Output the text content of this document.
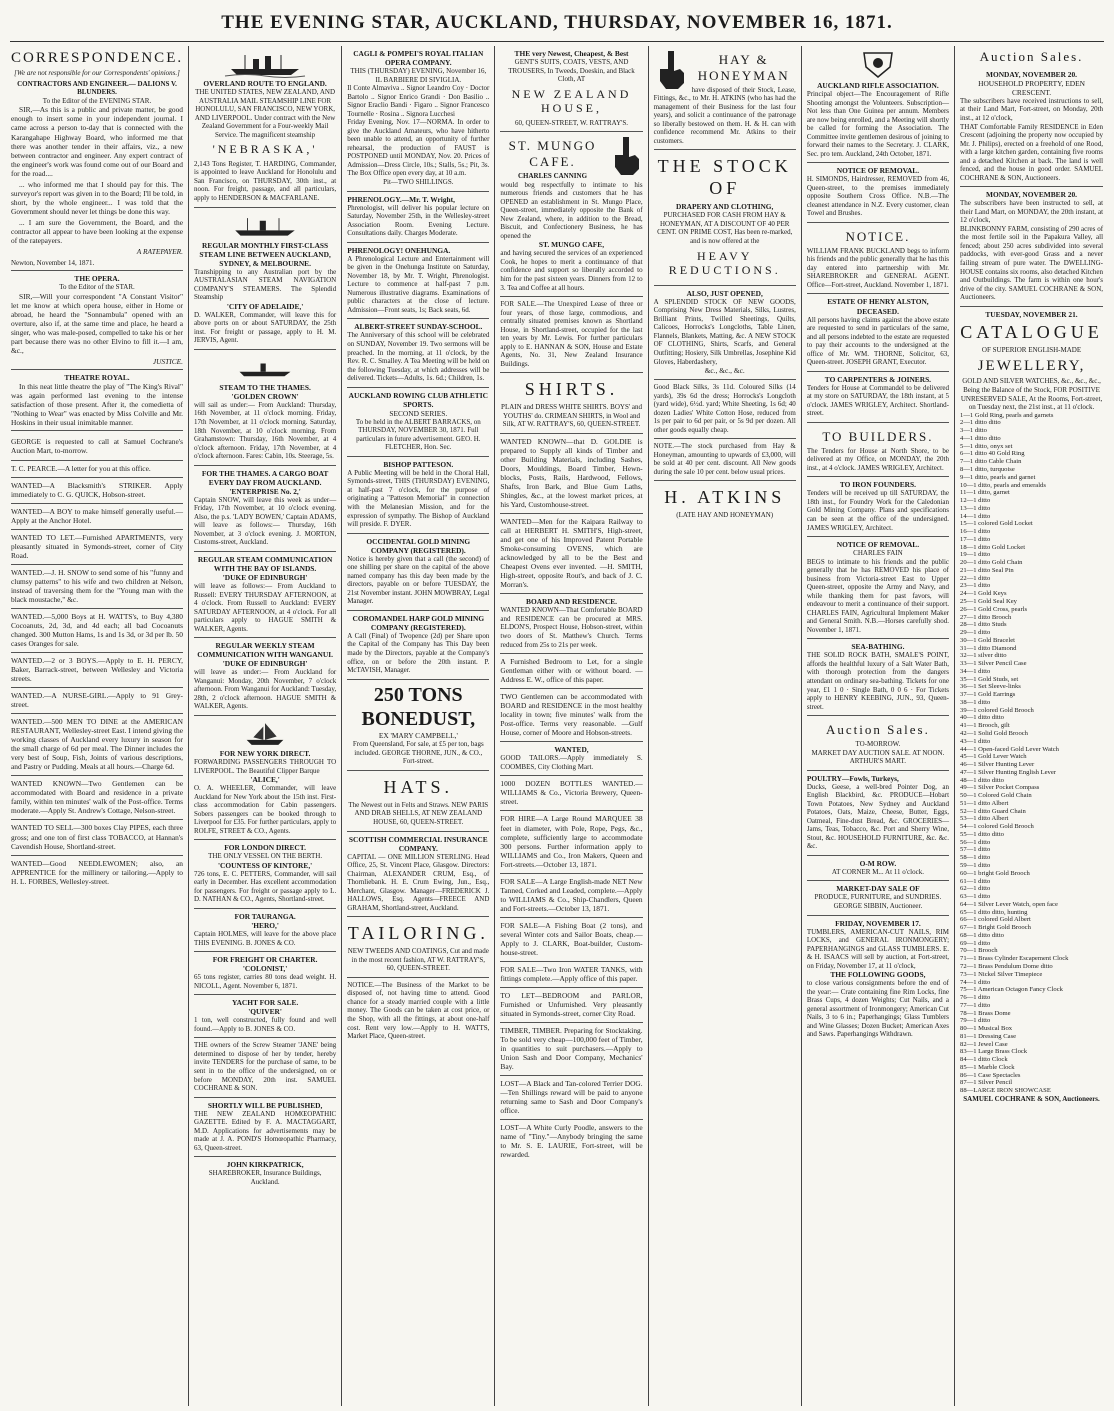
THE EVENING STAR, AUCKLAND, THURSDAY, NOVEMBER 16, 1871.
CORRESPONDENCE.
[We are not responsible for our Correspondents' opinions.]
CONTRACTORS AND ENGINEER.— DALIONS V. BLUNDERS.
To the Editor of the EVENING STAR.
SIR,—As this is a public and private matter, be good enough to insert some in your independent journal. I came across a person to-day that is connected with the Karangahape Highway Board, who informed me that there was another tender in their affairs, viz., a new between contractor and engineer. Any expert contract of the engineer's work was found come out of our Board and for the road....
... who informed me that I should pay for this. The surveyor's report was given in to the Board; I'll be told, in short, by the whole engineer... I was told that the Government should never let things be done this way.
... I am sure the Government, the Board, and the contractor all appear to have been looking at the expense of the ratepayers.
A RATEPAYER.
Newton, November 14, 1871.
THE OPERA.
To the Editor of the STAR.
SIR,—Will your correspondent "A Constant Visitor" let me know at which opera house, either in Home or abroad, he heard the "Sonnambula" opened with an overture, also if, at the same time and place, he heard a singer, who was male-posed, compelled to take his or her part because there was no other Elvino to fill it.—I am, &c.,
JUSTICE.
THEATRE ROYAL.
In this neat little theatre the play of "The King's Rival" was again performed last evening to the intense satisfaction of those present. After it, the comedietta of "Nothing to Wear" was enacted by Miss Colville and Mr. Hoskins in their usual inimitable manner.
GEORGE is requested to call at Samuel Cochrane's Auction Mart, to-morrow.
T. C. PEARCE.—A letter for you at this office.
WANTED—A Blacksmith's STRIKER. Apply immediately to C. G. QUICK, Hobson-street.
WANTED—A BOY to make himself generally useful.—Apply at the Anchor Hotel.
WANTED TO LET.—Furnished APARTMENTS, very pleasantly situated in Symonds-street, corner of City Road.
WANTED.—J. H. SNOW to send some of his "funny and clumsy patterns" to his wife and two children at Nelson, instead of traversing them for the "Young man with the black moustache," &c.
WANTED.—5,000 Boys at H. WATTS's, to Buy 4,380 Cocoanuts, 2d, 3d, and 4d each; all bad Cocoanuts changed. 300 Mutton Hams, 1s and 1s 3d, or 3d per lb. 50 cases Oranges for sale.
WANTED.—2 or 3 BOYS.—Apply to E. H. PERCY, Baker, Barrack-street, between Wellesley and Victoria streets.
WANTED.—A NURSE-GIRL.—Apply to 91 Grey-street.
WANTED.—500 MEN TO DINE at the AMERICAN RESTAURANT, Wellesley-street East. I intend giving the working classes of Auckland every luxury in season for the small charge of 6d per meal. The Dinner includes the very best of Soup, Fish, Joints of various descriptions, and Pastry or Pudding. Meals at all hours.—Charge 6d.
WANTED KNOWN—Two Gentlemen can be accommodated with Board and residence in a private family, within ten minutes' walk of the Post-office. Terms moderate.—Apply St. Andrew's Cottage, Nelson-street.
WANTED TO SELL—300 boxes Clay PIPES, each three gross; and one ton of first class TOBACCO, at Hannan's Cavendish House, Shortland-street.
WANTED—Good NEEDLEWOMEN; also, an APPRENTICE for the millinery or tailoring.—Apply to H. L. FORBES, Wellesley-street.
OVERLAND ROUTE TO ENGLAND.
THE UNITED STATES, NEW ZEALAND, AND AUSTRALIA MAIL STEAMSHIP LINE FOR HONOLULU, SAN FRANCISCO, NEW YORK, AND LIVERPOOL. Under contract with the New Zealand Government for a Four-weekly Mail Service. The magnificent steamship
'NEBRASKA,'
2,143 Tons Register, T. HARDING, Commander, is appointed to leave Auckland for Honolulu and San Francisco, on THURSDAY, 30th inst., at noon. For freight, passage, and all particulars, apply to HENDERSON & MACFARLANE.
REGULAR MONTHLY FIRST-CLASS STEAM LINE BETWEEN AUCKLAND, SYDNEY, & MELBOURNE.
Transhipping to any Australian port by the AUSTRALASIAN STEAM NAVIGATION COMPANY'S STEAMERS. The Splendid Steamship
'CITY OF ADELAIDE,'
D. WALKER, Commander, will leave this for above ports on or about SATURDAY, the 25th inst. For freight or passage, apply to H. M. JERVIS, Agent.
STEAM TO THE THAMES.
'GOLDEN CROWN'
will sail as under:— From Auckland: Thursday, 16th November, at 11 o'clock morning. Friday, 17th November, at 11 o'clock morning. Saturday, 18th November, at 10 o'clock morning. From Grahamstown: Thursday, 16th November, at 4 o'clock afternoon. Friday, 17th November, at 4 o'clock afternoon. Fares: Cabin, 10s. Steerage, 5s.
FOR THE THAMES. A CARGO BOAT EVERY DAY FROM AUCKLAND.
'ENTERPRISE No. 2,'
Captain SNOW, will leave this week as under— Friday, 17th November, at 10 o'clock evening. Also, the p.s. 'LADY BOWEN,' Captain ADAMS, will leave as follows:— Thursday, 16th November, at 3 o'clock evening. J. MORTON, Customs-street, Auckland.
REGULAR STEAM COMMUNICATION WITH THE BAY OF ISLANDS.
'DUKE OF EDINBURGH'
will leave as follows:— From Auckland to Russell: EVERY THURSDAY AFTERNOON, at 4 o'clock. From Russell to Auckland: EVERY SATURDAY AFTERNOON, at 4 o'clock. For all particulars apply to HAGUE SMITH & WALKER, Agents.
REGULAR WEEKLY STEAM COMMUNICATION WITH WANGANUI.
'DUKE OF EDINBURGH'
will leave as under:— From Auckland for Wanganui: Monday, 20th November, 7 o'clock afternoon. From Wanganui for Auckland: Tuesday, 28th, 2 o'clock afternoon. HAGUE SMITH & WALKER, Agents.
FOR NEW YORK DIRECT.
FORWARDING PASSENGERS THROUGH TO LIVERPOOL. The Beautiful Clipper Barque
'ALICE,'
O. A. WHEELER, Commander, will leave Auckland for New York about the 15th inst. First-class accommodation for Cabin passengers. Sobers passengers can be booked through to Liverpool for £35. For further particulars, apply to ROLFE, STREET & CO., Agents.
FOR LONDON DIRECT.
THE ONLY VESSEL ON THE BERTH.
'COUNTESS OF KINTORE,'
726 tons, E. C. PETTERS, Commander, will sail early in December. Has excellent accommodation for passengers. For freight or passage apply to L. D. NATHAN & CO., Agents, Shortland-street.
FOR TAURANGA.
'HERO,'
Captain HOLMES, will leave for the above place THIS EVENING. B. JONES & CO.
FOR FREIGHT OR CHARTER.
'COLONIST,'
65 tons register, carries 80 tons dead weight. H. NICOLL, Agent. November 6, 1871.
YACHT FOR SALE.
'QUIVER'
1 ton, well constructed, fully found and well found.—Apply to B. JONES & CO.
THE owners of the Screw Steamer 'JANE' being determined to dispose of her by tender, hereby invite TENDERS for the purchase of same, to be sent in to the office of the undersigned, on or before MONDAY, 20th inst. SAMUEL COCHRANE & SON.
SHORTLY WILL BE PUBLISHED,
THE NEW ZEALAND HOMŒOPATHIC GAZETTE. Edited by F. A. MACTAGGART, M.D. Applications for advertisements may be made at J. A. POND'S Homœopathic Pharmacy, 63, Queen-street.
JOHN KIRKPATRICK,
SHAREBROKER, Insurance Buildings, Auckland.
CAGLI & POMPEI'S ROYAL ITALIAN OPERA COMPANY.
THIS (THURSDAY) EVENING, November 16, IL BARBIERE DI SIVIGLIA.
Il Conte Almaviva .. Signor Leandro Coy · Doctor Bartolo .. Signor Enrico Grandi · Don Basilio .. Signor Eraclio Bandi · Figaro .. Signor Francesco Tournelle · Rosina .. Signora Lucchesi
Friday Evening, Nov. 17—NORMA. In order to give the Auckland Amateurs, who have hitherto been unable to attend, an opportunity of further rehearsal, the production of FAUST is POSTPONED until MONDAY, Nov. 20. Prices of Admission—Dress Circle, 10s.; Stalls, 5s.; Pit, 3s. The Box Office open every day, at 10 a.m.
Pit—TWO SHILLINGS.
PHRENOLOGY.—Mr. T. Wright,
Phrenologist, will deliver his popular lecture on Saturday, November 25th, in the Wellesley-street Association Room. Evening Lecture. Consultations daily. Charges Moderate.
PHRENOLOGY! ONEHUNGA.
A Phrenological Lecture and Entertainment will be given in the Onehunga Institute on Saturday, November 18, by Mr. T. Wright, Phrenologist. Lecture to commence at half-past 7 p.m. Numerous illustrative diagrams. Examinations of public characters at the close of lecture. Admission—Front seats, 1s; Back seats, 6d.
ALBERT-STREET SUNDAY-SCHOOL.
The Anniversary of this school will be celebrated on SUNDAY, November 19. Two sermons will be preached. In the morning, at 11 o'clock, by the Rev. R. C. Smalley. A Tea Meeting will be held on the following Tuesday, at which addresses will be delivered. Tickets—Adults, 1s. 6d.; Children, 1s.
AUCKLAND ROWING CLUB ATHLETIC SPORTS.
SECOND SERIES.
To be held in the ALBERT BARRACKS, on THURSDAY, NOVEMBER 30, 1871. Full particulars in future advertisement. GEO. H. FLETCHER, Hon. Sec.
BISHOP PATTESON.
A Public Meeting will be held in the Choral Hall, Symonds-street, THIS (THURSDAY) EVENING, at half-past 7 o'clock, for the purpose of originating a "Patteson Memorial" in connection with the Melanesian Mission, and for the expression of sympathy. The Bishop of Auckland will preside. F. DYER.
OCCIDENTAL GOLD MINING COMPANY (REGISTERED).
Notice is hereby given that a call (the second) of one shilling per share on the capital of the above named company has this day been made by the directors, payable on or before TUESDAY, the 21st November instant. JOHN MOWBRAY, Legal Manager.
COROMANDEL HARP GOLD MINING COMPANY (REGISTERED).
A Call (Final) of Twopence (2d) per Share upon the Capital of the Company has This Day been made by the Directors, payable at the Company's office, on or before the 20th instant. P. McTAVISH, Manager.
250 TONS BONEDUST,
EX 'MARY CAMPBELL,'
From Queensland, For sale, at £5 per ton, bags included. GEORGE THORNE, JUN., & CO., Fort-street.
HATS.
The Newest out in Felts and Straws. NEW PARIS AND DRAB SHELLS, AT NEW ZEALAND HOUSE, 60, QUEEN-STREET.
SCOTTISH COMMERCIAL INSURANCE COMPANY.
CAPITAL — ONE MILLION STERLING. Head Office, 25, St. Vincent Place, Glasgow. Directors: Chairman, ALEXANDER CRUM, Esq., of Thornliebank. H. E. Crum Ewing, Jun., Esq., Merchant, Glasgow. Manager—FREDERICK J. HALLOWS, Esq. Agents—FREECE AND GRAHAM, Shortland-street, Auckland.
TAILORING.
NEW TWEEDS AND COATINGS, Cut and made in the most recent fashion, AT W. RATTRAY'S, 60, QUEEN-STREET.
NOTICE.—The Business of the Market to be disposed of, not having time to attend. Good chance for a steady married couple with a little money. The Goods can be taken at cost price, or the Shop, with all the fittings, at about one-half cost. Rent very low.—Apply to H. WATTS, Market Place, Queen-street.
THE very Newest, Cheapest, & Best
GENT'S SUITS, COATS, VESTS, AND TROUSERS, In Tweeds, Doeskin, and Black Cloth, AT
NEW ZEALAND HOUSE,
60, QUEEN-STREET, W. RATTRAY'S.
ST. MUNGO CAFE.
CHARLES CANNING
would beg respectfully to intimate to his numerous friends and customers that he has OPENED an establishment in St. Mungo Place, Queen-street, immediately opposite the Bank of New Zealand, where, in addition to the Bread, Biscuit, and Confectionery Business, he has opened the
ST. MUNGO CAFE,
and having secured the services of an experienced Cook, he hopes to merit a continuance of that confidence and support so liberally accorded to him for the past sixteen years. Dinners from 12 to 3. Tea and Coffee at all hours.
FOR SALE.—The Unexpired Lease of three or four years, of those large, commodious, and centrally situated premises known as Shortland House, in Shortland-street, occupied for the last ten years by Mr. Lewis. For further particulars apply to E. HANNAN & SON, House and Estate Agents, No. 31, New Zealand Insurance Buildings.
SHIRTS.
PLAIN and DRESS WHITE SHIRTS. BOYS' and YOUTHS' do. CRIMEAN SHIRTS, in Wool and Silk, AT W. RATTRAY'S, 60, QUEEN-STREET.
WANTED KNOWN—that D. GOLDIE is prepared to Supply all kinds of Timber and other Building Materials, including Sashes, Doors, Mouldings, Board Timber, Hewn-blocks, Posts, Rails, Hardwood, Fellows, Shafts, Iron Bark, and Blue Gum Laths, Shingles, &c., at the lowest market prices, at his Yard, Customhouse-street.
WANTED—Men for the Kaipara Railway to call at HERBERT H. SMITH'S, High-street, and get one of his Improved Patent Portable Smoke-consuming OVENS, which are acknowledged by all to be the Best and Cheapest Ovens ever invented. —H. SMITH, High-street, opposite Rout's, and back of J. C. Morran's.
BOARD AND RESIDENCE.
WANTED KNOWN—That Comfortable BOARD and RESIDENCE can be procured at MRS. ELDON'S, Prospect House, Hobson-street, within two doors of St. Matthew's Church. Terms reduced from 25s to 21s per week.
A Furnished Bedroom to Let, for a single Gentleman either with or without board. —Address E. W., office of this paper.
TWO Gentlemen can be accommodated with BOARD and RESIDENCE in the most healthy locality in town; five minutes' walk from the Post-office. Terms very reasonable. —Gulf House, corner of Moore and Hobson-streets.
WANTED,
GOOD TAILORS.—Apply immediately S. COOMBES, City Clothing Mart.
1000 DOZEN BOTTLES WANTED.—WILLIAMS & Co., Victoria Brewery, Queen-street.
FOR HIRE—A Large Round MARQUEE 38 feet in diameter, with Pole, Rope, Pegs, &c., complete, sufficiently large to accommodate 300 persons. Further information apply to WILLIAMS and Co., Iron Makers, Queen and Fort-streets.—October 13, 1871.
FOR SALE—A Large English-made NET New Tanned, Corked and Leaded, complete.—Apply to WILLIAMS & Co., Ship-Chandlers, Queen and Fort-streets.—October 13, 1871.
FOR SALE—A Fishing Boat (2 tons), and several Winter cots and Sailor Boats, cheap.—Apply to J. CLARK, Boat-builder, Custom-house-street.
FOR SALE—Two Iron WATER TANKS, with fittings complete.—Apply office of this paper.
TO LET—BEDROOM and PARLOR, Furnished or Unfurnished. Very pleasantly situated in Symonds-street, corner City Road.
TIMBER, TIMBER. Preparing for Stocktaking. To be sold very cheap—100,000 feet of Timber, in quantities to suit purchasers.—Apply to Union Sash and Door Company, Mechanics' Bay.
LOST—A Black and Tan-colored Terrier DOG.—Ten Shillings reward will be paid to anyone returning same to Sash and Door Company's office.
LOST—A White Curly Poodle, answers to the name of "Tiny."—Anybody bringing the same to Mr. S. E. LAURIE, Fort-street, will be rewarded.
HAY & HONEYMAN
have disposed of their Stock, Lease, Fittings, &c., to Mr. H. ATKINS (who has had the management of their Business for the last four years), and solicit a continuance of the patronage so liberally bestowed on them. H. & H. can with confidence recommend Mr. Atkins to their customers.
THE STOCK OF
DRAPERY AND CLOTHING,
PURCHASED FOR CASH FROM HAY & HONEYMAN, AT A DISCOUNT OF 40 PER CENT. ON PRIME COST, Has been re-marked, and is now offered at the
HEAVY REDUCTIONS.
ALSO, JUST OPENED,
A SPLENDID STOCK OF NEW GOODS, Comprising New Dress Materials, Silks, Lustres, Brilliant Prints, Twilled Sheetings, Quilts, Calicoes, Horrocks's Longcloths, Table Linen, Flannels, Blankets, Matting, &c. A NEW STOCK OF CLOTHING, Shirts, Scarfs, and General Outfitting; Hosiery, Silk Umbrellas, Josephine Kid Gloves, Haberdashery,
&c., &c., &c.
Good Black Silks, 3s 11d. Coloured Silks (14 yards), 39s 6d the dress; Horrocks's Longcloth (yard wide), 6½d. yard; White Sheeting, 1s 6d; 40 dozen Ladies' White Cotton Hose, reduced from 1s per pair to 6d per pair, or 5s 9d per dozen. All other goods equally cheap.
NOTE.—The stock purchased from Hay & Honeyman, amounting to upwards of £3,000, will be sold at 40 per cent. discount. All New goods during the sale 10 per cent. below usual prices.
H. ATKINS
(LATE HAY AND HONEYMAN)
AUCKLAND RIFLE ASSOCIATION.
Principal object—The Encouragement of Rifle Shooting amongst the Volunteers. Subscription—Not less than One Guinea per annum. Members are now being enrolled, and a Meeting will shortly be called for forming the Association. The Committee invite gentlemen desirous of joining to forward their names to the Secretary. J. CLARK, Sec. pro tem. Auckland, 24th October, 1871.
NOTICE OF REMOVAL.
H. SIMONDS, Hairdresser, REMOVED from 46, Queen-street, to the premises immediately opposite Southern Cross Office. N.B.—The cleanest attendance in N.Z. Every customer, clean Towel and Brushes.
NOTICE.
WILLIAM FRANK BUCKLAND begs to inform his friends and the public generally that he has this day entered into partnership with Mr. SHAREBROKER and GENERAL AGENT. Office—Fort-street, Auckland. November 1, 1871.
ESTATE OF HENRY ALSTON, DECEASED.
All persons having claims against the above estate are requested to send in particulars of the same, and all persons indebted to the estate are requested to pay their accounts to the undersigned at the office of Mr. WM. THORNE, Solicitor, 63, Queen-street. JOSEPH GRANT, Executor.
TO CARPENTERS & JOINERS.
Tenders for House at Cornmandel to be delivered at my store on SATURDAY, the 18th instant, at 5 o'clock. JAMES WRIGLEY, Architect. Shortland-street.
TO BUILDERS.
The Tenders for House at North Shore, to be delivered at my Office, on MONDAY, the 20th inst., at 4 o'clock. JAMES WRIGLEY, Architect.
TO IRON FOUNDERS.
Tenders will be received up till SATURDAY, the 18th inst., for Foundry Work for the Caledonian Gold Mining Company. Plans and specifications can be seen at the office of the undersigned. JAMES WRIGLEY, Architect.
NOTICE OF REMOVAL.
CHARLES FAIN
BEGS to intimate to his friends and the public generally that he has REMOVED his place of business from Victoria-street East to Upper Queen-street, opposite the Army and Navy, and while thanking them for past favors, will endeavour to merit a continuance of their support. CHARLES FAIN, Agricultural Implement Maker and General Smith. N.B.—Horses carefully shod. November 1, 1871.
SEA-BATHING.
THE SOLID ROCK BATH, SMALE'S POINT, affords the healthful luxury of a Salt Water Bath, with thorough protection from the dangers attendant on ordinary sea-bathing. Tickets for one year, £1 1 0 · Single Bath, 0 0 6 · For Tickets apply to HENRY KEEBING, JUN., 93, Queen-street.
Auction Sales.
TO-MORROW.
MARKET DAY AUCTION SALE. AT NOON. ARTHUR'S MART.
POULTRY—Fowls, Turkeys,
Ducks, Geese, a well-bred Pointer Dog, an English Blackbird, &c. PRODUCE—Hobart Town Potatoes, New Sydney and Auckland Potatoes, Oats, Maize, Cheese, Butter, Eggs, Oatmeal, Fine-dust Bread, &c. GROCERIES—Jams, Teas, Tobacco, &c. Port and Sherry Wine, Stout, &c. HOUSEHOLD FURNITURE, &c. &c. &c.
O-M ROW.
AT CORNER M... At 11 o'clock.
MARKET-DAY SALE OF
PRODUCE, FURNITURE, and SUNDRIES. GEORGE SIBBIN, Auctioneer.
FRIDAY, NOVEMBER 17.
TUMBLERS, AMERICAN-CUT NAILS, RIM LOCKS, and GENERAL IRONMONGERY; PAPERHANGINGS and GLASS TUMBLERS. E. & H. ISAACS will sell by auction, at Fort-street, on Friday, November 17, at 11 o'clock,
THE FOLLOWING GOODS,
to close various consignments before the end of the year:— Crate containing fine Rim Locks, fine Brass Cups, 4 dozen Weights; Cut Nails, and a general assortment of Ironmongery; American Cut Nails, 3 to 6 in.; Paperhangings; Glass Tumblers and Wine Glasses; Dozen Bucket; American Axes and Saws. Paperhangings Withdrawn.
Auction Sales.
MONDAY, NOVEMBER 20.
HOUSEHOLD PROPERTY, EDEN CRESCENT.
The subscribers have received instructions to sell, at their Land Mart, Fort-street, on Monday, 20th inst., at 12 o'clock,
THAT Comfortable Family RESIDENCE in Eden Crescent (adjoining the property now occupied by Mr. J. Philips), erected on a freehold of one Rood, with a large kitchen garden, containing five rooms and a detached Kitchen at back. The land is well fenced, and the house in good order. SAMUEL COCHRANE & SON, Auctioneers.
MONDAY, NOVEMBER 20.
The subscribers have been instructed to sell, at their Land Mart, on MONDAY, the 20th instant, at 12 o'clock,
BLINKBONNY FARM, consisting of 290 acres of the most fertile soil in the Papakura Valley, all fenced; about 250 acres subdivided into several paddocks, with ever-good Grass and a never failing stream of pure water. The DWELLING-HOUSE contains six rooms, also detached Kitchen and Outbuildings. The farm is within one hour's drive of the city. SAMUEL COCHRANE & SON, Auctioneers.
TUESDAY, NOVEMBER 21.
CATALOGUE
OF SUPERIOR ENGLISH-MADE
JEWELLERY,
GOLD AND SILVER WATCHES, &c., &c., &c.,
Being the Balance of the Stock, FOR POSITIVE UNRESERVED SALE, At the Rooms, Fort-street, on Tuesday next, the 21st inst., at 11 o'clock.
1—1 Gold Ring, pearls and garnets
2—1 ditto ditto
3—1 ditto
4—1 ditto ditto
5—1 ditto, onyx set
6—1 ditto 40 Gold Ring
7—1 ditto Cable Chain
8—1 ditto, turquoise
9—1 ditto, pearls and garnet
10—1 ditto, pearls and emeralds
11—1 ditto, garnet
12—1 ditto
13—1 ditto
14—1 ditto
15—1 colored Gold Locket
16—1 ditto
17—1 ditto
18—1 ditto Gold Locket
19—1 ditto
20—1 ditto Gold Chain
21—1 ditto Seal Pin
22—1 ditto
23—1 ditto
24—1 Gold Keys
25—1 Gold Seal Key
26—1 Gold Cross, pearls
27—1 ditto Brooch
28—1 ditto Studs
29—1 ditto
30—1 Gold Bracelet
31—1 ditto Diamond
32—1 silver ditto
33—1 Silver Pencil Case
34—1 ditto
35—1 Gold Studs, set
36—1 Set Sleeve-links
37—1 Gold Earrings
38—1 ditto
39—1 colored Gold Brooch
40—1 ditto ditto
41—1 Brooch, gilt
42—1 Solid Gold Brooch
43—1 ditto
44—1 Open-faced Gold Lever Watch
45—1 Gold Lever Watch
46—1 Silver Hunting Lever
47—1 Silver Hunting English Lever
48—1 ditto ditto
49—1 Silver Pocket Compass
50—1 Colored Gold Chain
51—1 ditto Albert
52—1 ditto Guard Chain
53—1 ditto Albert
54—1 colored Gold Brooch
55—1 ditto ditto
56—1 ditto
57—1 ditto
58—1 ditto
59—1 ditto
60—1 bright Gold Brooch
61—1 ditto
62—1 ditto
63—1 ditto
64—1 Silver Lever Watch, open face
65—1 ditto ditto, hunting
66—1 colored Gold Albert
67—1 Bright Gold Brooch
68—1 ditto ditto
69—1 ditto
70—1 Brooch
71—1 Brass Cylinder Escapement Clock
72—1 Brass Pendulum Dome ditto
73—1 Nickel Silver Timepiece
74—1 ditto
75—1 American Octagon Fancy Clock
76—1 ditto
77—1 ditto
78—1 Brass Dome
79—1 ditto
80—1 Musical Box
81—1 Dressing Case
82—1 Jewel Case
83—1 Large Brass Clock
84—1 ditto Clock
85—1 Marble Clock
86—1 Case Spectacles
87—1 Silver Pencil
88—LARGE IRON SHOWCASE
SAMUEL COCHRANE & SON, Auctioneers.
